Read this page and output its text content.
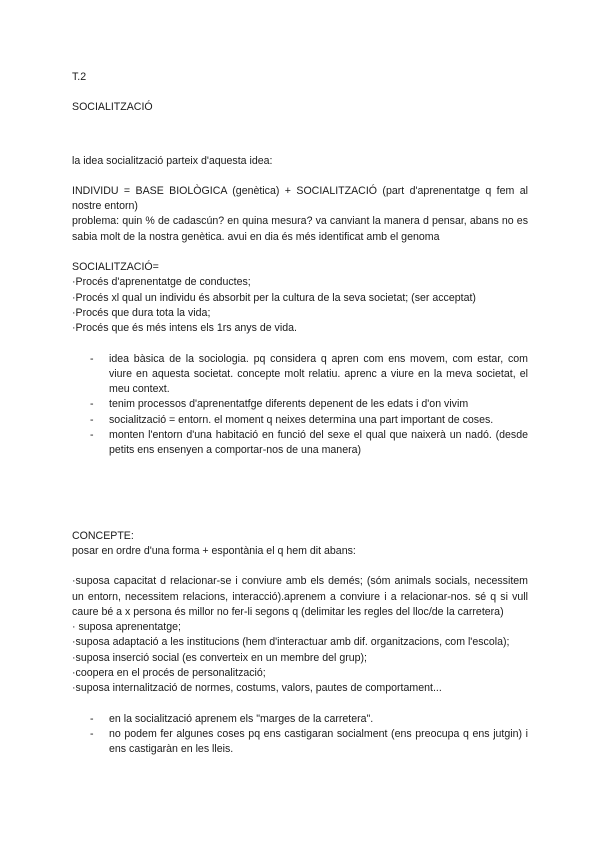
T.2

SOCIALITZACIÓ

la idea socialització parteix d'aquesta idea:

INDIVIDU = BASE BIOLÒGICA (genètica) + SOCIALITZACIÓ (part d'aprenentatge q fem al nostre entorn)

problema: quin % de cadascún? en quina mesura? va canviant la manera d pensar, abans no es sabia molt de la nostra genètica. avui en dia és més identificat amb el genoma

SOCIALITZACIÓ=

·Procés d'aprenentatge de conductes;

·Procés xl qual un individu és absorbit per la cultura de la seva societat; (ser acceptat)

·Procés que dura tota la vida;

·Procés que és més intens els 1rs anys de vida.

- idea bàsica de la sociologia. pq considera q apren com ens movem, com estar, com viure en aquesta societat. concepte molt relatiu. aprenc a viure en la meva societat, el meu context.
- tenim processos d'aprenentatfge diferents depenent de les edats i d'on vivim
- socialització = entorn. el moment q neixes determina una part important de coses.
- monten l'entorn d'una habitació en funció del sexe el qual que naixerà un nadó. (desde petits ens ensenyen a comportar-nos de una manera)

CONCEPTE:

posar en ordre d'una forma + espontània el q hem dit abans:

·suposa capacitat d relacionar-se i conviure amb els demés; (sóm animals socials, necessitem un entorn, necessitem relacions, interacció).aprenem a conviure i a relacionar-nos. sé q si vull caure bé a x persona és millor no fer-li segons q (delimitar les regles del lloc/de la carretera)

· suposa aprenentatge;

·suposa adaptació a les institucions (hem d'interactuar amb dif. organitzacions, com l'escola);

·suposa inserció social (es converteix en un membre del grup);

·coopera en el procés de personalització;

·suposa internalització de normes, costums, valors, pautes de comportament...

- en la socialització aprenem els "marges de la carretera".
- no podem fer algunes coses pq ens castigaran socialment (ens preocupa q ens jutgin) i ens castigaràn en les lleis.
